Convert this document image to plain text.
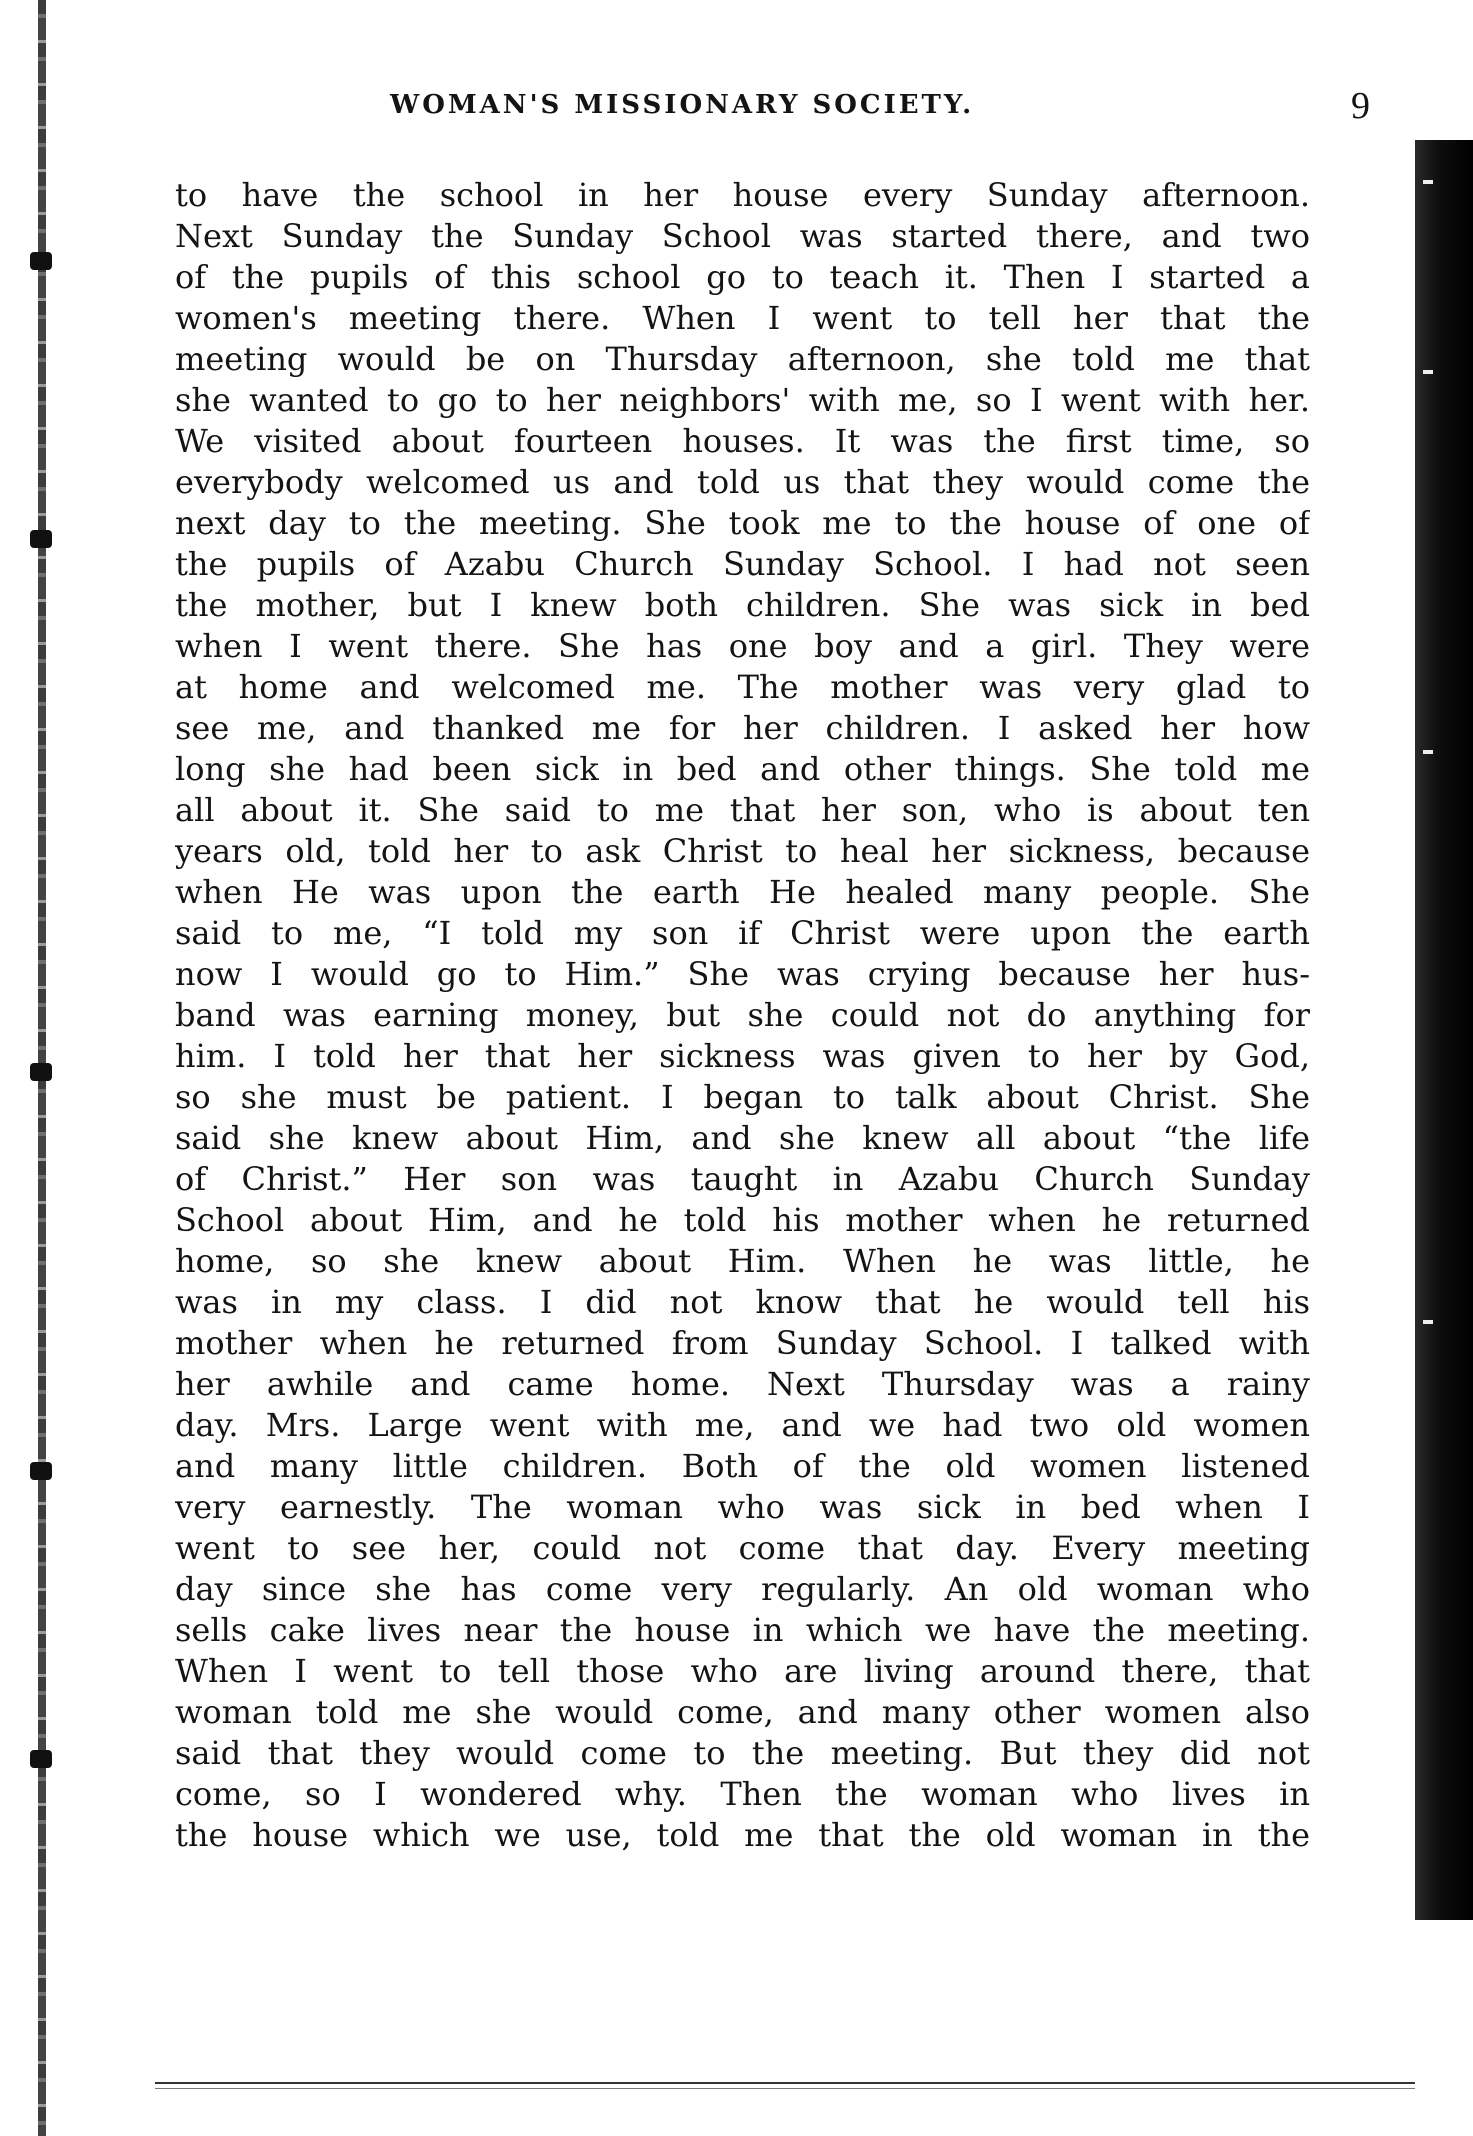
WOMAN'S MISSIONARY SOCIETY.	9
to have the school in her house every Sunday afternoon.
Next Sunday the Sunday School was started there, and two
of the pupils of this school go to teach it. Then I started a
women's meeting there. When I went to tell her that the
meeting would be on Thursday afternoon, she told me that
she wanted to go to her neighbors' with me, so I went with her.
We visited about fourteen houses. It was the first time, so
everybody welcomed us and told us that they would come the
next day to the meeting. She took me to the house of one of
the pupils of Azabu Church Sunday School. I had not seen
the mother, but I knew both children. She was sick in bed
when I went there. She has one boy and a girl. They were
at home and welcomed me. The mother was very glad to
see me, and thanked me for her children. I asked her how
long she had been sick in bed and other things. She told me
all about it. She said to me that her son, who is about ten
years old, told her to ask Christ to heal her sickness, because
when He was upon the earth He healed many people. She
said to me, “I told my son if Christ were upon the earth
now I would go to Him.” She was crying because her hus-
band was earning money, but she could not do anything for
him. I told her that her sickness was given to her by God,
so she must be patient. I began to talk about Christ. She
said she knew about Him, and she knew all about “the life
of Christ.” Her son was taught in Azabu Church Sunday
School about Him, and he told his mother when he returned
home, so she knew about Him. When he was little, he
was in my class. I did not know that he would tell his
mother when he returned from Sunday School. I talked with
her awhile and came home. Next Thursday was a rainy
day. Mrs. Large went with me, and we had two old women
and many little children. Both of the old women listened
very earnestly. The woman who was sick in bed when I
went to see her, could not come that day. Every meeting
day since she has come very regularly. An old woman who
sells cake lives near the house in which we have the meeting.
When I went to tell those who are living around there, that
woman told me she would come, and many other women also
said that they would come to the meeting. But they did not
come, so I wondered why. Then the woman who lives in
the house which we use, told me that the old woman in the
